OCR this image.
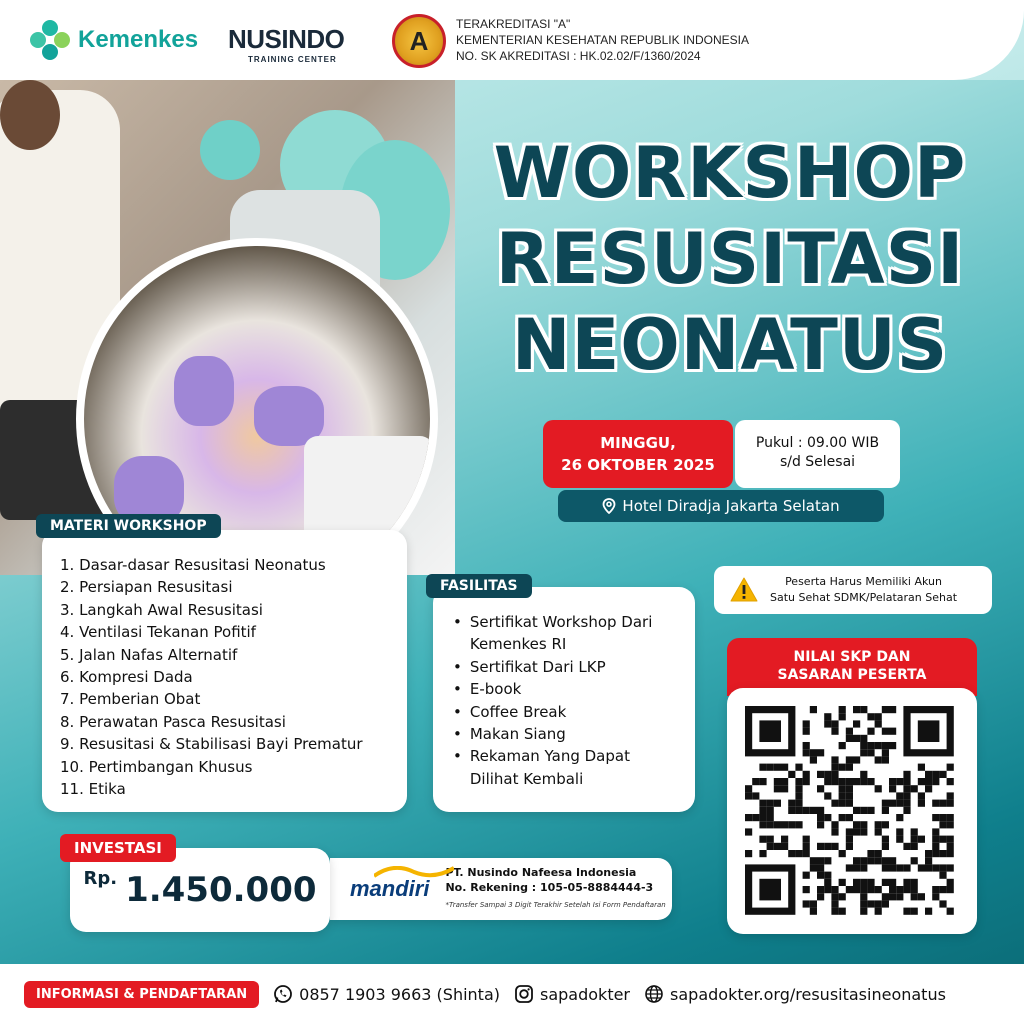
Kemenkes NUSINDO
TRAINING CENTER
A
TERAKREDITASI "A"
KEMENTERIAN KESEHATAN REPUBLIK INDONESIA
NO. SK AKREDITASI : HK.02.02/F/1360/2024
WORKSHOP
RESUSITASI
NEONATUS
MINGGU,
26 OKTOBER 2025
Pukul : 09.00 WIB
s/d Selesai
Hotel Diradja Jakarta Selatan
1. Dasar-dasar Resusitasi Neonatus
2. Persiapan Resusitasi
3. Langkah Awal Resusitasi
4. Ventilasi Tekanan Pofitif
5. Jalan Nafas Alternatif
6. Kompresi Dada
7. Pemberian Obat
8. Perawatan Pasca Resusitasi
9. Resusitasi & Stabilisasi Bayi Prematur
10. Pertimbangan Khusus
11. Etika
MATERI WORKSHOP
• Sertifikat Workshop Dari Kemenkes RI
• Sertifikat Dari LKP
• E-book
• Coffee Break
• Makan Siang
• Rekaman Yang Dapat Dilihat Kembali
FASILITAS	Peserta Harus Memiliki Akun
Satu Sehat SDMK/Pelataran Sehat
NILAI SKP DAN
SASARAN PESERTA
mandiri
PT. Nusindo Nafeesa Indonesia
No. Rekening : 105-05-8884444-3
*Transfer Sampai 3 Digit Terakhir Setelah Isi Form Pendaftaran
Rp. 1.450.000
INVESTASI
INFORMASI & PENDAFTARAN	0857 1903 9663 (Shinta)	sapadokter	sapadokter.org/resusitasineonatus
